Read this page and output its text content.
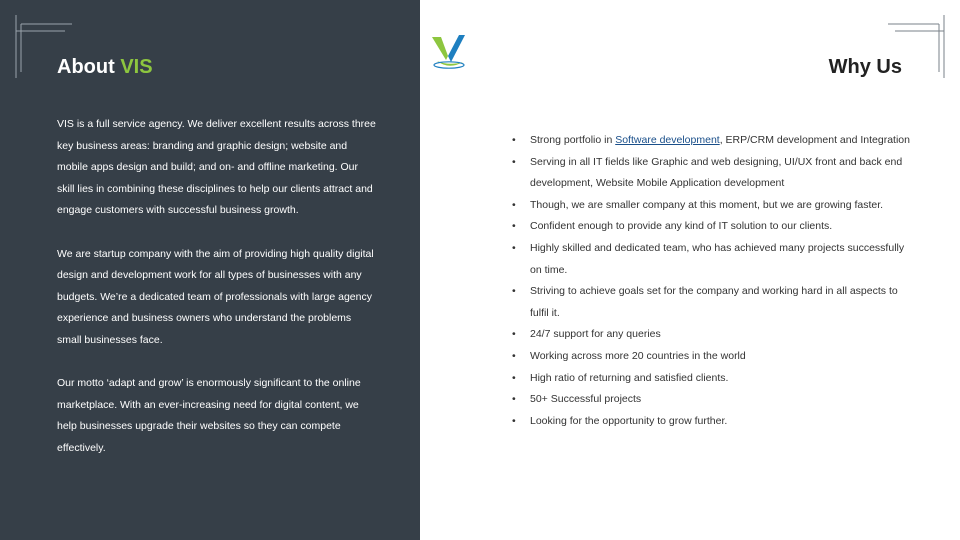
About VIS

VIS is a full service agency. We deliver excellent results across three key business areas: branding and graphic design; website and mobile apps design and build; and on- and offline marketing. Our skill lies in combining these disciplines to help our clients attract and engage customers with successful business growth.

We are startup company with the aim of providing high quality digital design and development work for all types of businesses with any budgets. We’re a dedicated team of professionals with large agency experience and business owners who understand the problems small businesses face.

Our motto ‘adapt and grow’ is enormously significant to the online marketplace. With an ever-increasing need for digital content, we help businesses upgrade their websites so they can compete effectively.

Why Us
• Strong portfolio in Software development, ERP/CRM development and Integration
• Serving in all IT fields like Graphic and web designing, UI/UX front and back end development, Website Mobile Application development
• Though, we are smaller company at this moment, but we are growing faster.
• Confident enough to provide any kind of IT solution to our clients.
• Highly skilled and dedicated team, who has achieved many projects successfully on time.
• Striving to achieve goals set for the company and working hard in all aspects to fulfil it.
• 24/7 support for any queries
• Working across more 20 countries in the world
• High ratio of returning and satisfied clients.
• 50+ Successful projects
• Looking for the opportunity to grow further.
